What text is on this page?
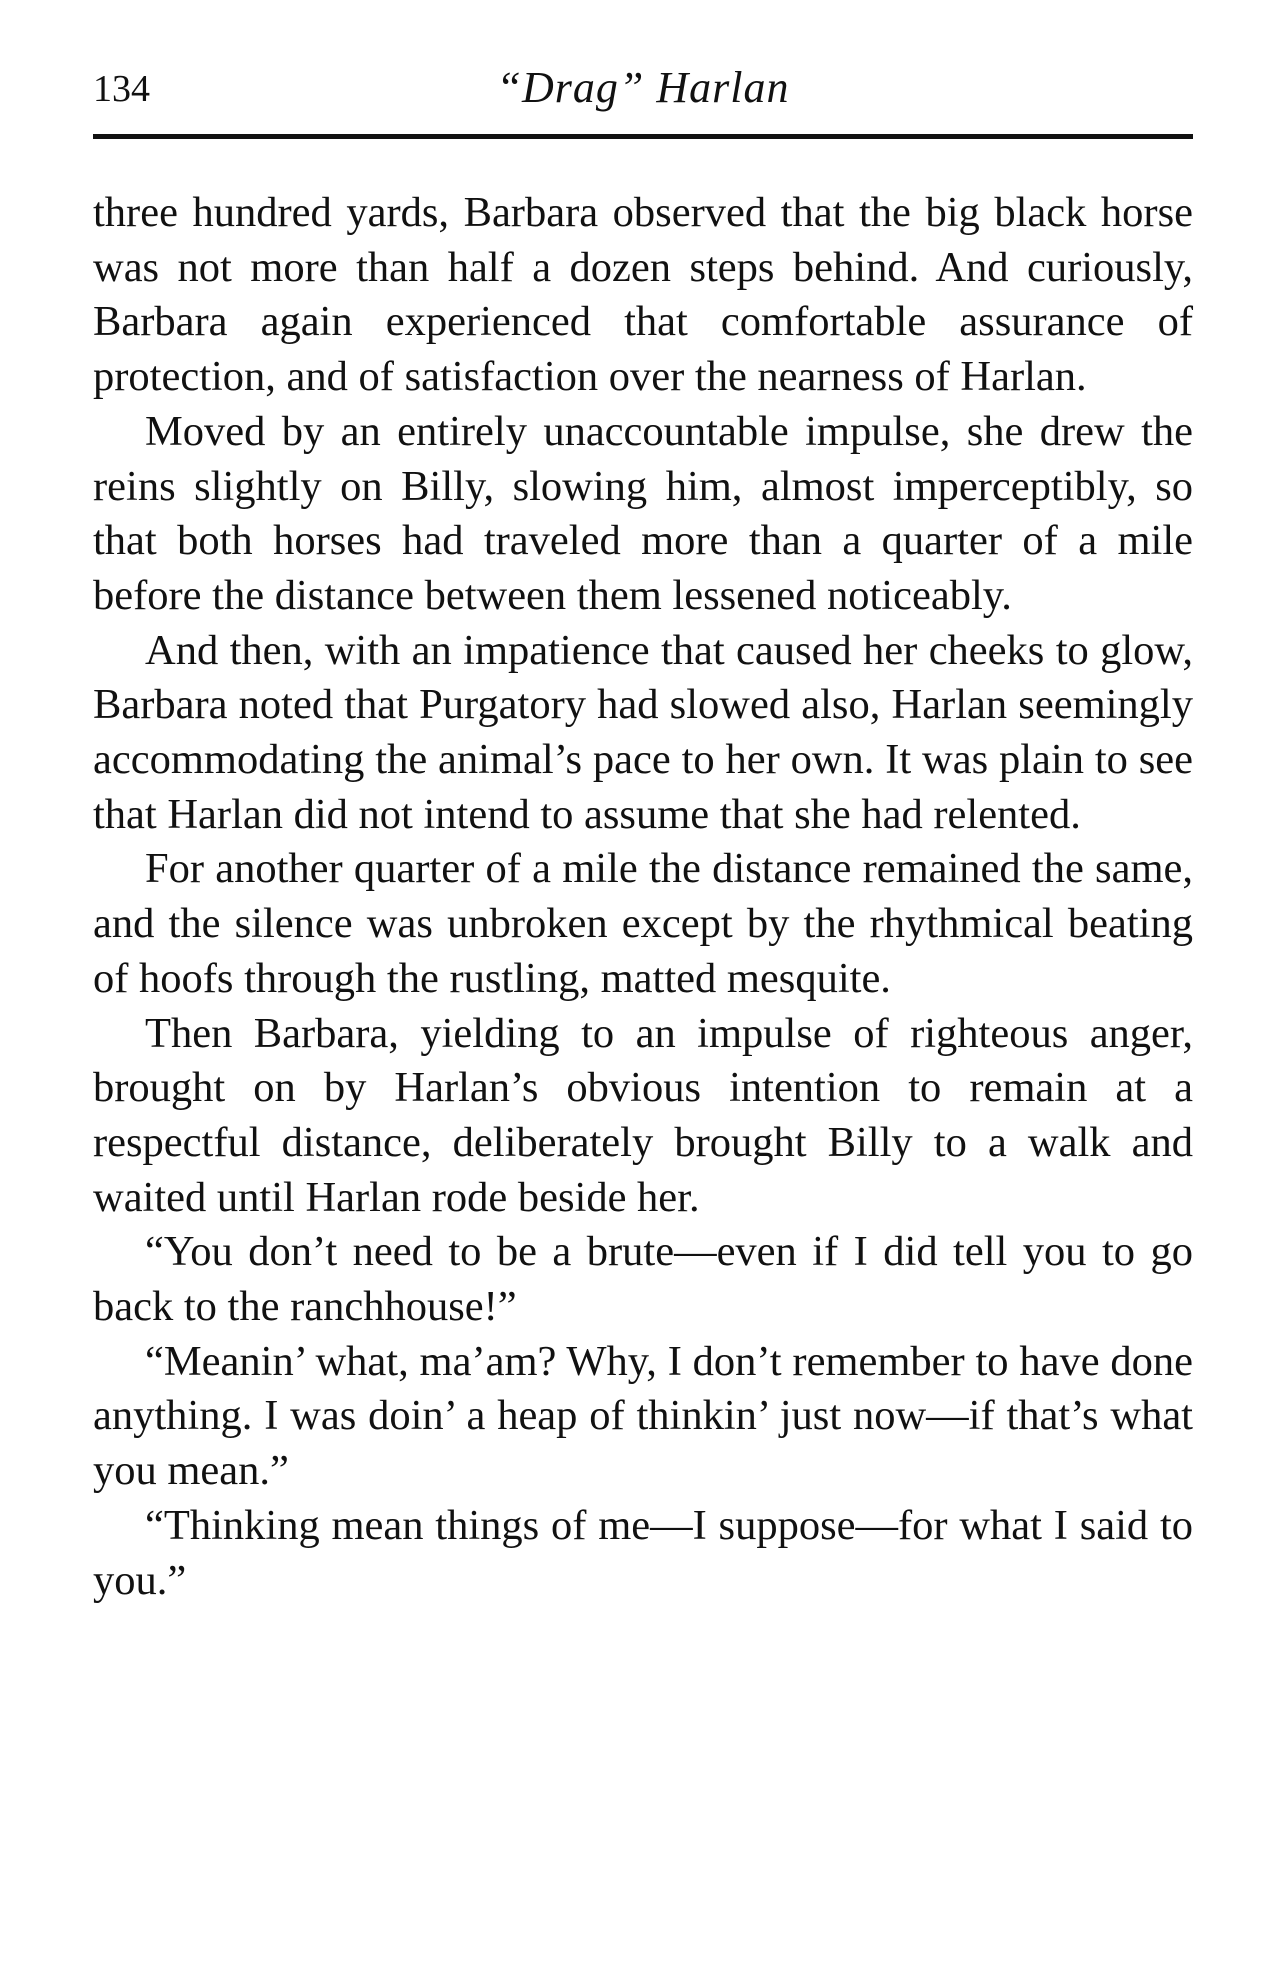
134	“Drag” Harlan

three hundred yards, Barbara observed that the big black horse was not more than half a dozen steps behind. And curiously, Barbara again experienced that comfortable assurance of protection, and of satisfaction over the nearness of Harlan.

Moved by an entirely unaccountable impulse, she drew the reins slightly on Billy, slowing him, almost imperceptibly, so that both horses had traveled more than a quarter of a mile before the distance between them lessened noticeably.

And then, with an impatience that caused her cheeks to glow, Barbara noted that Purgatory had slowed also, Harlan seemingly accommodating the animal’s pace to her own. It was plain to see that Harlan did not intend to assume that she had relented.

For another quarter of a mile the distance remained the same, and the silence was unbroken except by the rhythmical beating of hoofs through the rustling, matted mesquite.

Then Barbara, yielding to an impulse of righteous anger, brought on by Harlan’s obvious intention to remain at a respectful distance, deliberately brought Billy to a walk and waited until Harlan rode beside her.

“You don’t need to be a brute—even if I did tell you to go back to the ranchhouse!”

“Meanin’ what, ma’am? Why, I don’t remember to have done anything. I was doin’ a heap of thinkin’ just now—if that’s what you mean.”

“Thinking mean things of me—I suppose—for what I said to you.”
